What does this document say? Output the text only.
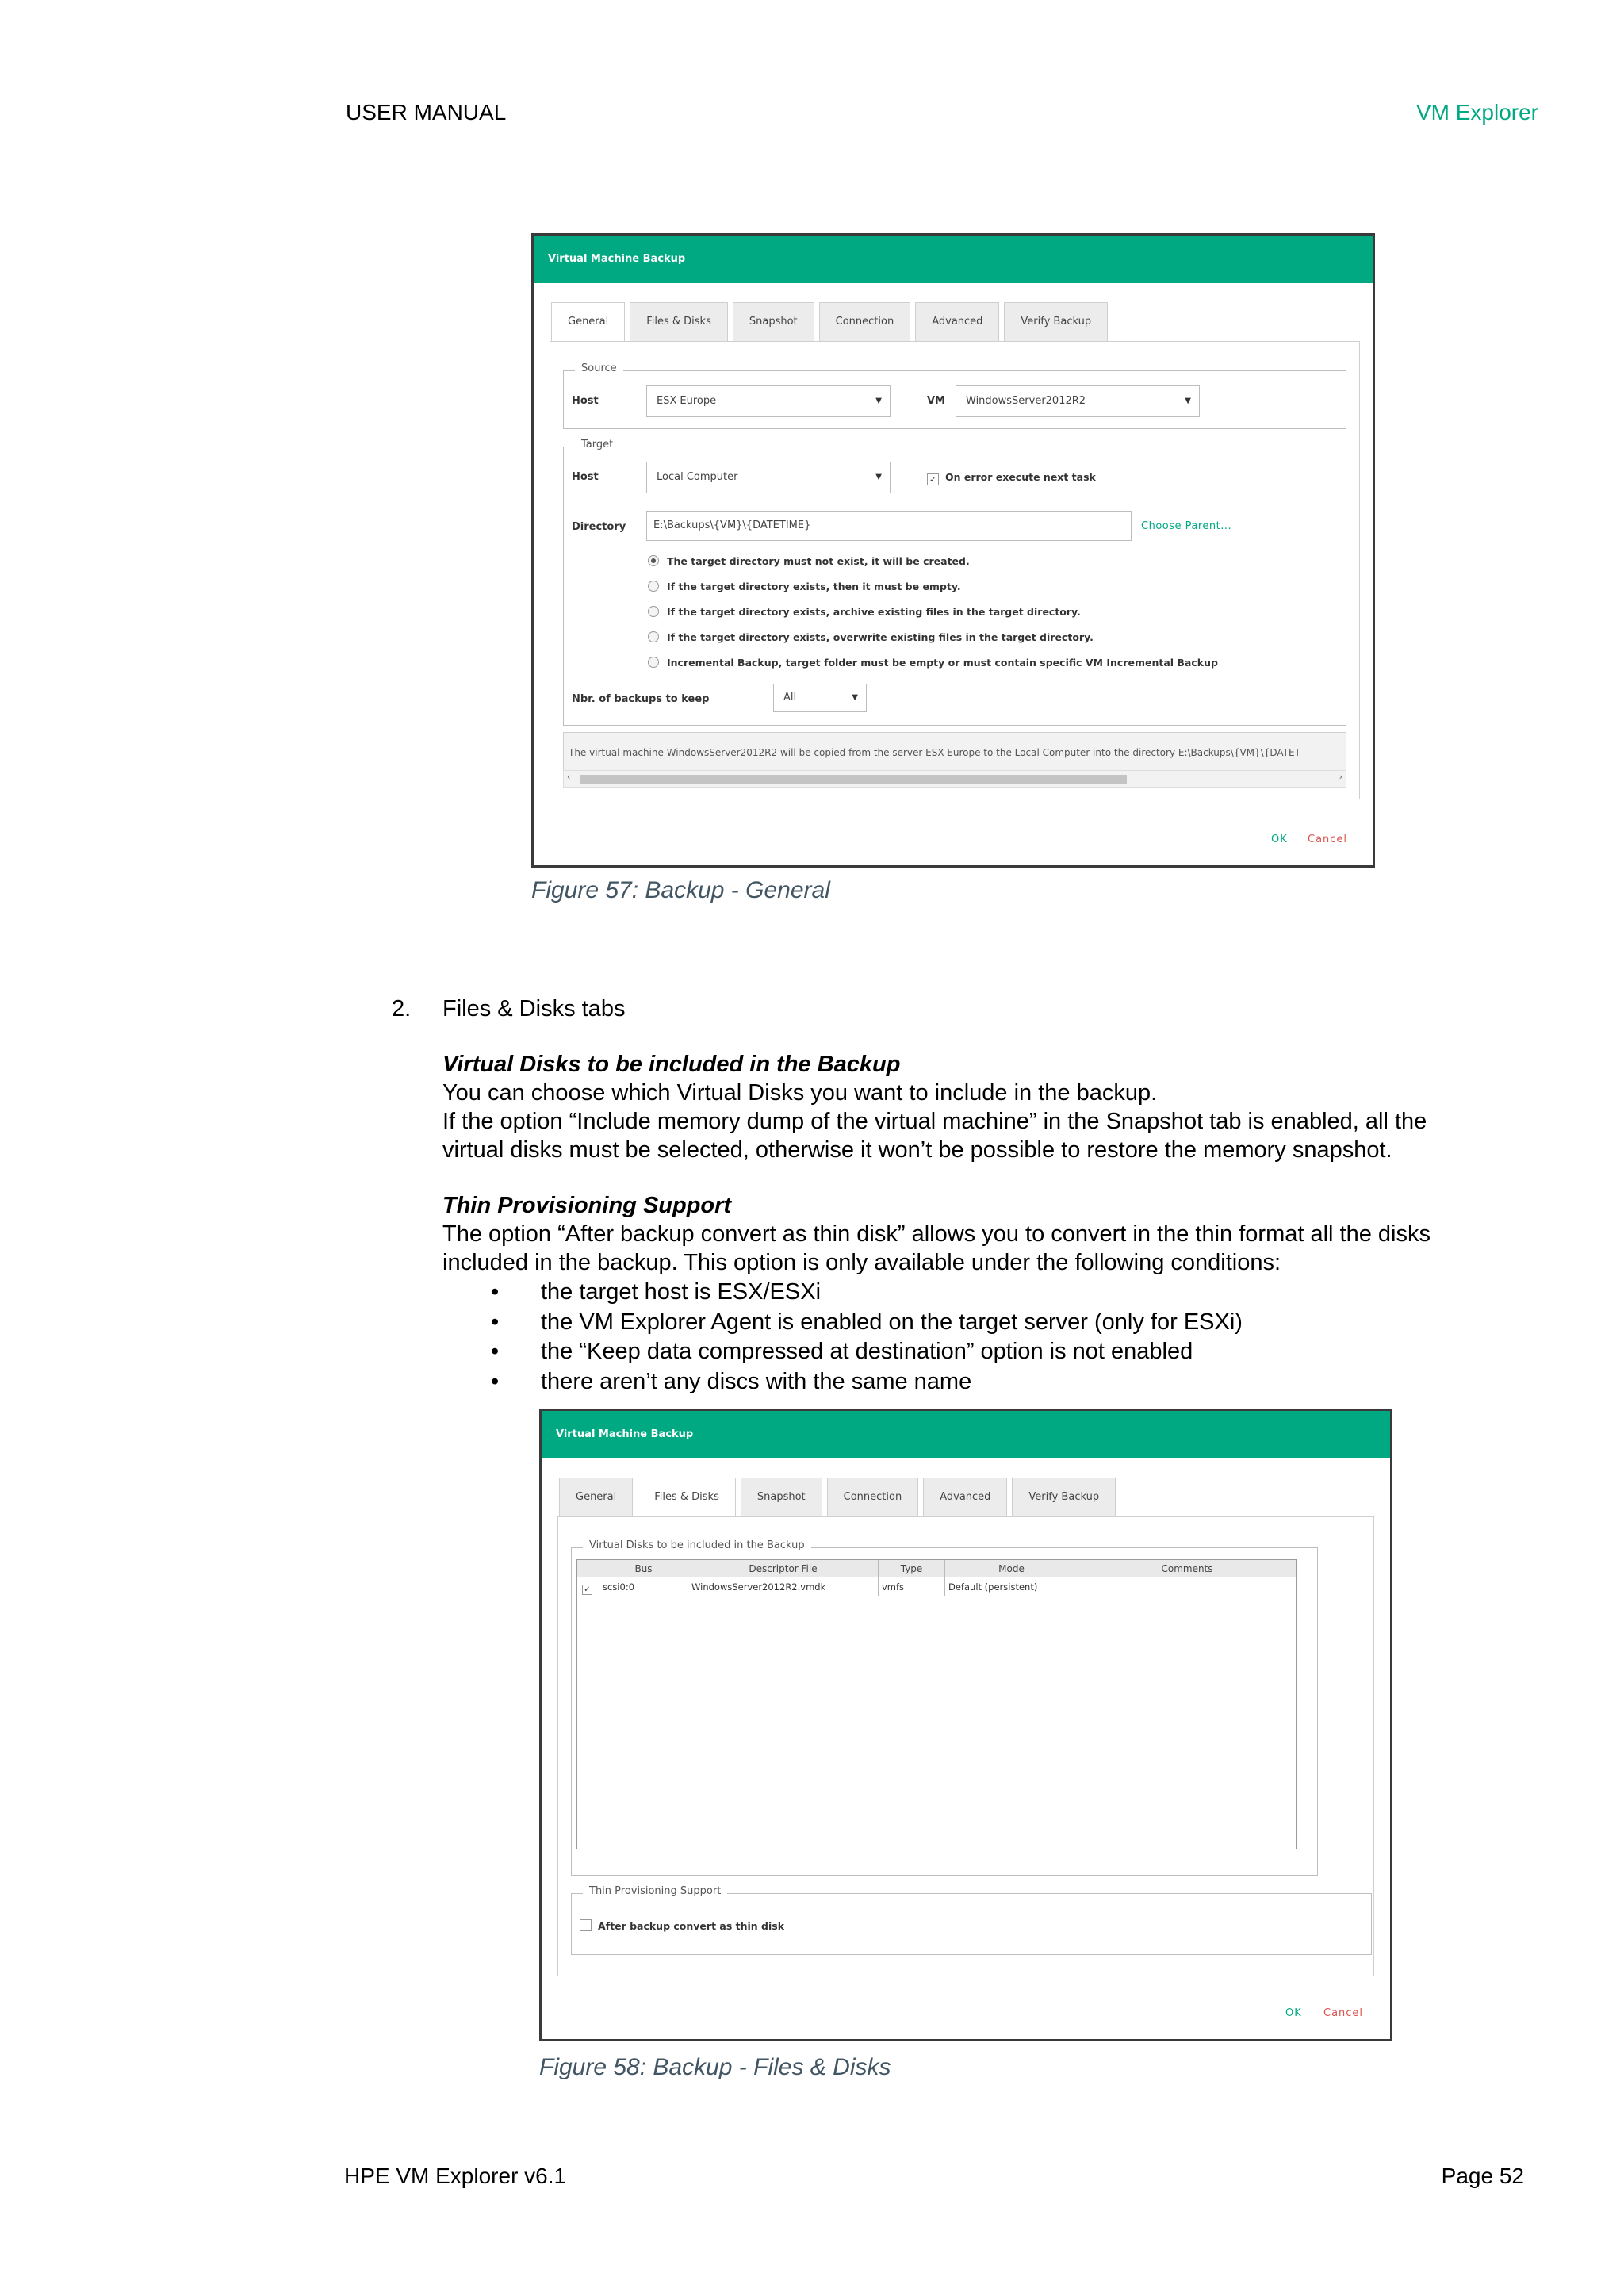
USER MANUAL	VM Explorer
Virtual Machine Backup
General	Files & Disks	Snapshot	Connection	Advanced	Verify Backup
Source
Host	ESX-Europe	▼	VM	WindowsServer2012R2	▼
Target
Host	Local Computer	▼	✓ On error execute next task
Directory	E:\Backups\{VM}\{DATETIME}	Choose Parent...
The target directory must not exist, it will be created.
If the target directory exists, then it must be empty.
If the target directory exists, archive existing files in the target directory.
If the target directory exists, overwrite existing files in the target directory.
Incremental Backup, target folder must be empty or must contain specific VM Incremental Backup
Nbr. of backups to keep	All	▼
The virtual machine WindowsServer2012R2 will be copied from the server ESX-Europe to the Local Computer into the directory E:\Backups\{VM}\{DATET
‹	›
OK Cancel
Figure 57: Backup - General
2. Files & Disks tabs
Virtual Disks to be included in the Backup
You can choose which Virtual Disks you want to include in the backup.
If the option “Include memory dump of the virtual machine” in the Snapshot tab is enabled, all the
virtual disks must be selected, otherwise it won’t be possible to restore the memory snapshot.
Thin Provisioning Support
The option “After backup convert as thin disk” allows you to convert in the thin format all the disks
included in the backup. This option is only available under the following conditions:
• the target host is ESX/ESXi
• the VM Explorer Agent is enabled on the target server (only for ESXi)
• the “Keep data compressed at destination” option is not enabled
• there aren’t any discs with the same name
Virtual Machine Backup
General	Files & Disks	Snapshot	Connection	Advanced	Verify Backup
Virtual Disks to be included in the Backup
Bus	Descriptor File	Type	Mode	Comments
✓	scsi0:0	WindowsServer2012R2.vmdk	vmfs	Default (persistent)
Thin Provisioning Support
After backup convert as thin disk
OK Cancel
Figure 58: Backup - Files & Disks
HPE VM Explorer v6.1	Page 52
